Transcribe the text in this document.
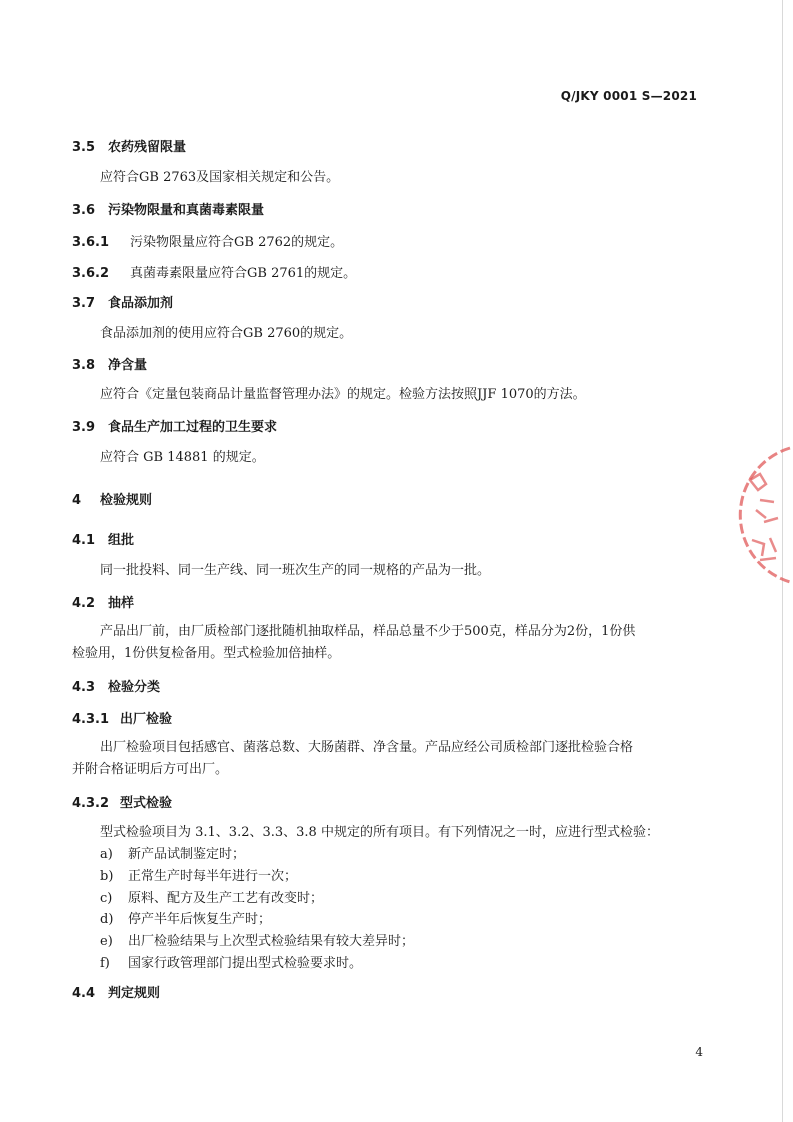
Q/JKY 0001 S—2021
3.5 农药残留限量
应符合GB 2763及国家相关规定和公告。
3.6 污染物限量和真菌毒素限量
3.6.1 污染物限量应符合GB 2762的规定。
3.6.2 真菌毒素限量应符合GB 2761的规定。
3.7 食品添加剂
食品添加剂的使用应符合GB 2760的规定。
3.8 净含量
应符合《定量包装商品计量监督管理办法》的规定。检验方法按照JJF 1070的方法。
3.9 食品生产加工过程的卫生要求
应符合 GB 14881 的规定。
4 检验规则
4.1 组批
同一批投料、同一生产线、同一班次生产的同一规格的产品为一批。
4.2 抽样
产品出厂前，由厂质检部门逐批随机抽取样品，样品总量不少于500克，样品分为2份，1份供检验用，1份供复检备用。型式检验加倍抽样。
4.3 检验分类
4.3.1 出厂检验
出厂检验项目包括感官、菌落总数、大肠菌群、净含量。产品应经公司质检部门逐批检验合格并附合格证明后方可出厂。
4.3.2 型式检验
型式检验项目为 3.1、3.2、3.3、3.8 中规定的所有项目。有下列情况之一时，应进行型式检验：
a) 新产品试制鉴定时；
b) 正常生产时每半年进行一次；
c) 原料、配方及生产工艺有改变时；
d) 停产半年后恢复生产时；
e) 出厂检验结果与上次型式检验结果有较大差异时；
f) 国家行政管理部门提出型式检验要求时。
4.4 判定规则
4
